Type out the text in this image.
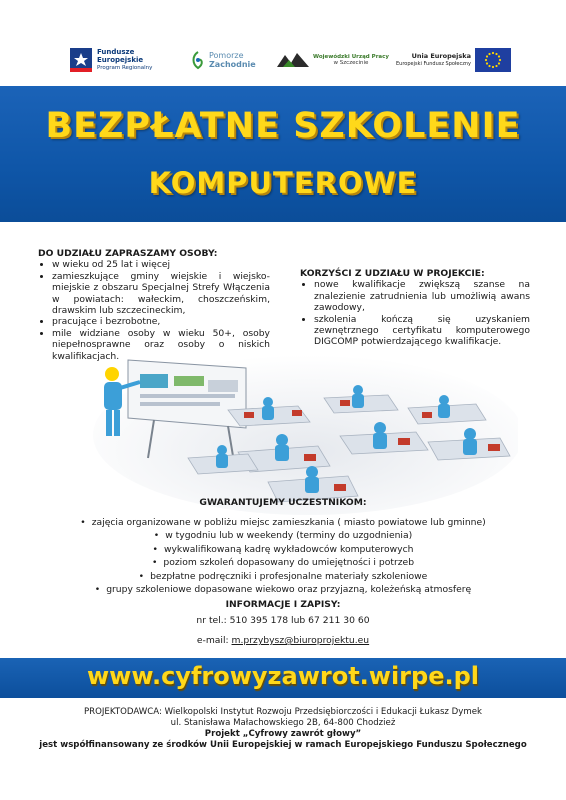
Fundusze
Europejskie
Program Regionalny
Pomorze
Zachodnie
Wojewódzki Urząd Pracy
w Szczecinie
Unia Europejska
Europejski Fundusz Społeczny
BEZPŁATNE SZKOLENIE
KOMPUTEROWE
DO UDZIAŁU ZAPRASZAMY OSOBY:
• w wieku od 25 lat i więcej
• zamieszkujące gminy wiejskie i wiejsko-miejskie z obszaru Specjalnej Strefy Włączenia w powiatach: wałeckim, choszczeńskim, drawskim lub szczecineckim,
• pracujące i bezrobotne,
• mile widziane osoby w wieku 50+, osoby niepełnosprawne oraz osoby o niskich kwalifikacjach.
KORZYŚCI Z UDZIAŁU W PROJEKCIE:
• nowe kwalifikacje zwiększą szanse na znalezienie zatrudnienia lub umożliwią awans zawodowy,
• szkolenia kończą się uzyskaniem zewnętrznego certyfikatu komputerowego DIGCOMP potwierdzającego kwalifikacje.
GWARANTUJEMY UCZESTNIKOM:
• zajęcia organizowane w pobliżu miejsc zamieszkania ( miasto powiatowe lub gminne)
• w tygodniu lub w weekendy (terminy do uzgodnienia)
• wykwalifikowaną kadrę wykładowców komputerowych
• poziom szkoleń dopasowany do umiejętności i potrzeb
• bezpłatne podręczniki i profesjonalne materiały szkoleniowe
• grupy szkoleniowe dopasowane wiekowo oraz przyjazną, koleżeńską atmosferę
INFORMACJE I ZAPISY:
nr tel.: 510 395 178 lub 67 211 30 60
e-mail: m.przybysz@biuroprojektu.eu
www.cyfrowyzawrot.wirpe.pl
PROJEKTODAWCA: Wielkopolski Instytut Rozwoju Przedsiębiorczości i Edukacji Łukasz Dymek
ul. Stanisława Małachowskiego 2B, 64-800 Chodzież
Projekt „Cyfrowy zawrót głowy”
jest współfinansowany ze środków Unii Europejskiej w ramach Europejskiego Funduszu Społecznego
